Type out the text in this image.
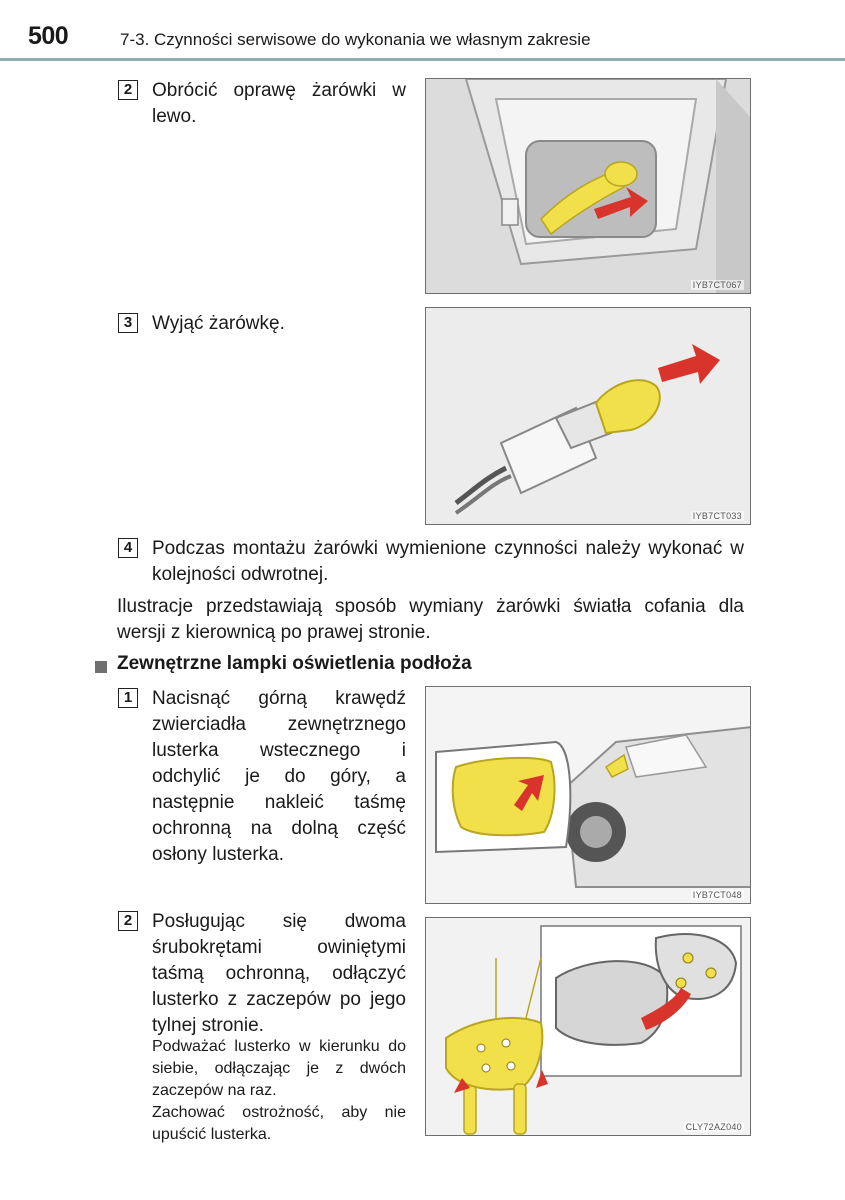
500	7-3. Czynności serwisowe do wykonania we własnym zakresie
2	Obrócić oprawę żarówki w lewo.
IYB7CT067
3	Wyjąć żarówkę.
IYB7CT033
4	Podczas montażu żarówki wymienione czynności należy wykonać w kolejności odwrotnej.
Ilustracje przedstawiają sposób wymiany żarówki światła cofania dla wersji z kierownicą po prawej stronie.
Zewnętrzne lampki oświetlenia podłoża
1	Nacisnąć górną krawędź zwierciadła zewnętrznego lusterka wstecznego i odchylić je do góry, a następnie nakleić taśmę ochronną na dolną część osłony lusterka.
IYB7CT048
2	Posługując się dwoma śrubokrętami owiniętymi taśmą ochronną, odłączyć lusterko z zaczepów po jego tylnej stronie.
Podważać lusterko w kierunku do siebie, odłączając je z dwóch zaczepów na raz.
Zachować ostrożność, aby nie upuścić lusterka.	CLY72AZ040
